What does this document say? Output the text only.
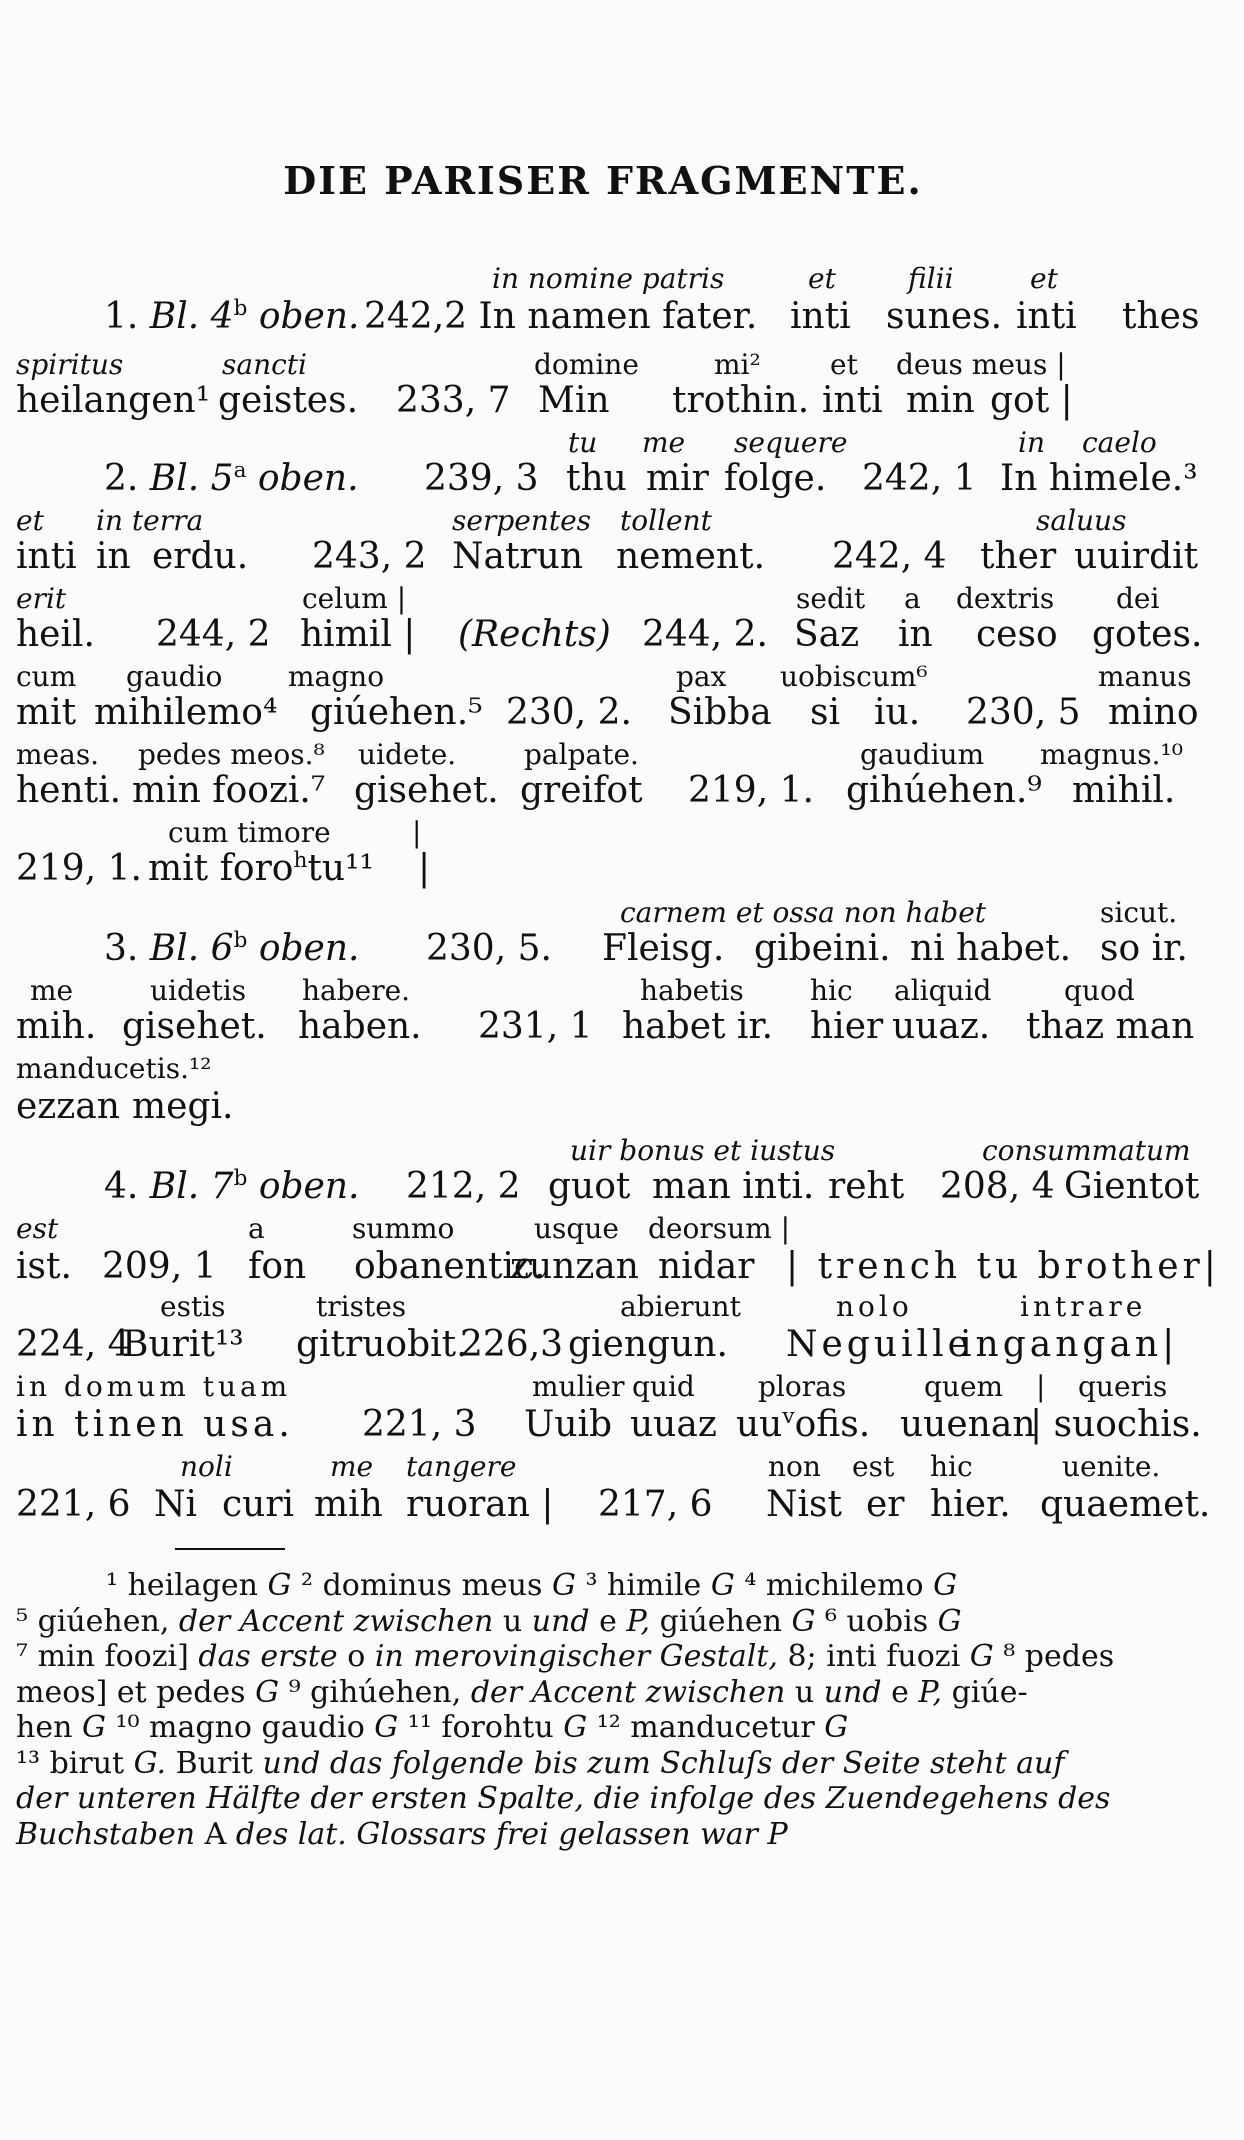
DIE PARISER FRAGMENTE.
in nomine patris	et	filii	et
1. Bl. 4$^b$ oben. 242,2 In namen fater. inti sunes. inti thes
spiritus	sancti	domine	mi² et deus meus |
heilangen¹ geistes. 233, 7 Min trothin. inti min got |
tu me sequere	in caelo
2. Bl. 5$^a$ oben. 239, 3 thu mir folge. 242, 1 In himele.³
et in terra	serpentes tollent	saluus
inti in erdu. 243, 2 Natrun nement. 242, 4 ther uuirdit
erit	celum |	sedit a dextris dei
heil. 244, 2 himil | (Rechts) 244, 2. Saz in ceso gotes.
cum gaudio magno	pax uobiscum⁶	manus
mit mihilemo⁴ giúehen.⁵ 230, 2. Sibba si iu. 230, 5 mino
meas. pedes meos.⁸ uidete. palpate.	gaudium magnus.¹⁰
henti. min foozi.⁷ gisehet. greifot 219, 1. gihúehen.⁹ mihil.
cum timore	|
219, 1. mit foro$^h$tu¹¹ |
carnem et ossa non habet	sicut.
3. Bl. 6$^b$ oben. 230, 5. Fleisg. gibeini. ni habet. so ir.
me	uidetis habere.	habetis hic aliquid	quod
mih. gisehet. haben. 231, 1 habet ir. hier uuaz. thaz man
manducetis.¹²
ezzan megi.
uir bonus et iustus	consummatum
4. Bl. 7$^b$ oben. 212, 2 guot man inti. reht 208, 4 Gientot
est	a	summo	usque deorsum |
ist. 209, 1 fon obanentic.
zunzan nidar | trench tu brother|
estis	tristes	abierunt	nolo	intrare
224, 4
Burit¹³ gitruobit.
226,3 giengun. Neguille
ingangan|
in domum tuam	mulier quid ploras	quem | queris
in tinen usa. 221, 3 Uuib uuaz $uu^vofis$. uuenan
| suochis.
noli	me tangere	non est hic	uenite.
221, 6 Ni curi mih ruoran | 217, 6 Nist er hier. quaemet.
¹ heilagen G ² dominus meus G ³ himile G ⁴ michilemo G
⁵ giúehen, der Accent zwischen u und e P, giúehen G ⁶ uobis G
⁷ min foozi] das erste o in merovingischer Gestalt, 8; inti fuozi G ⁸ pedes
meos] et pedes G ⁹ gihúehen, der Accent zwischen u und e P, giúe-
hen G ¹⁰ magno gaudio G ¹¹ forohtu G ¹² manducetur G
¹³ birut G. Burit und das folgende bis zum Schluſs der Seite steht auf
der unteren Hälfte der ersten Spalte, die infolge des Zuendegehens des
Buchstaben A des lat. Glossars frei gelassen war P
